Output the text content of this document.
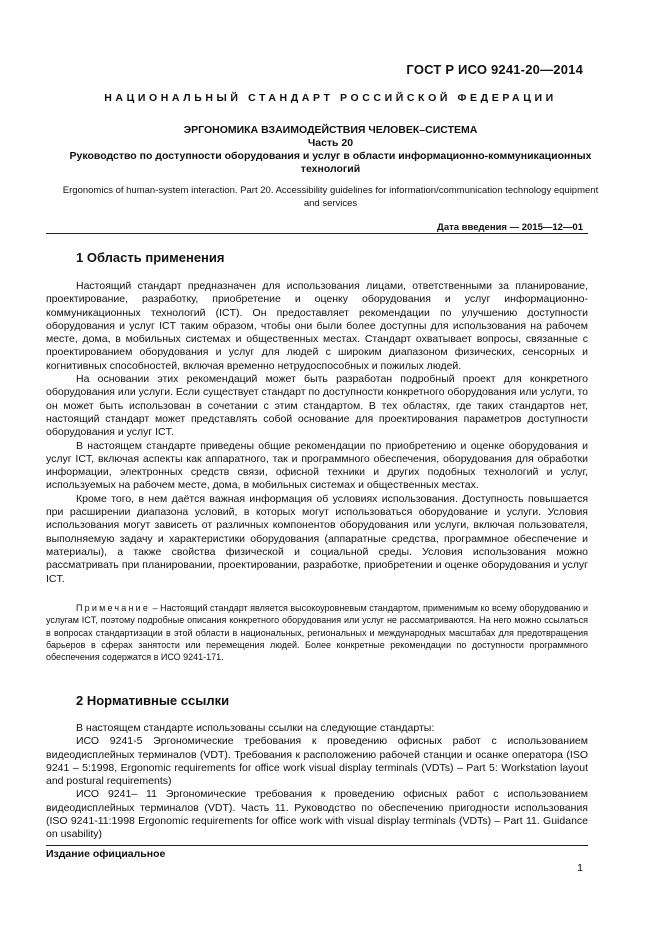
ГОСТ Р ИСО 9241-20—2014
НАЦИОНАЛЬНЫЙ СТАНДАРТ РОССИЙСКОЙ ФЕДЕРАЦИИ

ЭРГОНОМИКА ВЗАИМОДЕЙСТВИЯ ЧЕЛОВЕК–СИСТЕМА

Часть 20

Руководство по доступности оборудования и услуг в области информационно-коммуникационных технологий

Ergonomics of human-system interaction. Part 20. Accessibility guidelines for information/communication technology equipment and services
Дата введения — 2015—12—01
1 Область применения

Настоящий стандарт предназначен для использования лицами, ответственными за планирование, проектирование, разработку, приобретение и оценку оборудования и услуг информационно-коммуникационных технологий (ICT). Он предоставляет рекомендации по улучшению доступности оборудования и услуг ICT таким образом, чтобы они были более доступны для использования на рабочем месте, дома, в мобильных системах и общественных местах. Стандарт охватывает вопросы, связанные с проектированием оборудования и услуг для людей с широким диапазоном физических, сенсорных и когнитивных способностей, включая временно нетрудоспособных и пожилых людей.

На основании этих рекомендаций может быть разработан подробный проект для конкретного оборудования или услуги. Если существует стандарт по доступности конкретного оборудования или услуги, то он может быть использован в сочетании с этим стандартом. В тех областях, где таких стандартов нет, настоящий стандарт может представлять собой основание для проектирования параметров доступности оборудования и услуг ICT.

В настоящем стандарте приведены общие рекомендации по приобретению и оценке оборудования и услуг ICT, включая аспекты как аппаратного, так и программного обеспечения, оборудования для обработки информации, электронных средств связи, офисной техники и других подобных технологий и услуг, используемых на рабочем месте, дома, в мобильных системах и общественных местах.

Кроме того, в нем даётся важная информация об условиях использования. Доступность повышается при расширении диапазона условий, в которых могут использоваться оборудование и услуги. Условия использования могут зависеть от различных компонентов оборудования или услуги, включая пользователя, выполняемую задачу и характеристики оборудования (аппаратные средства, программное обеспечение и материалы), а также свойства физической и социальной среды. Условия использования можно рассматривать при планировании, проектировании, разработке, приобретении и оценке оборудования и услуг ICT.

Примечание – Настоящий стандарт является высокоуровневым стандартом, применимым ко всему оборудованию и услугам ICT, поэтому подробные описания конкретного оборудования или услуг не рассматриваются. На него можно ссылаться в вопросах стандартизации в этой области в национальных, региональных и международных масштабах для предотвращения барьеров в сферах занятости или перемещения людей. Более конкретные рекомендации по доступности программного обеспечения содержатся в ИСО 9241-171.

2 Нормативные ссылки

В настоящем стандарте использованы ссылки на следующие стандарты:

ИСО 9241-5 Эргономические требования к проведению офисных работ с использованием видеодисплейных терминалов (VDT). Требования к расположению рабочей станции и осанке оператора (ISO 9241 – 5:1998, Ergonomic requirements for office work visual display terminals (VDTs) – Part 5: Workstation layout and postural requirements)

ИСО 9241– 11 Эргономические требования к проведению офисных работ с использованием видеодисплейных терминалов (VDT). Часть 11. Руководство по обеспечению пригодности использования (ISO 9241-11:1998 Ergonomic requirements for office work with visual display terminals (VDTs) – Part 11. Guidance on usability)

Издание официальное
1
